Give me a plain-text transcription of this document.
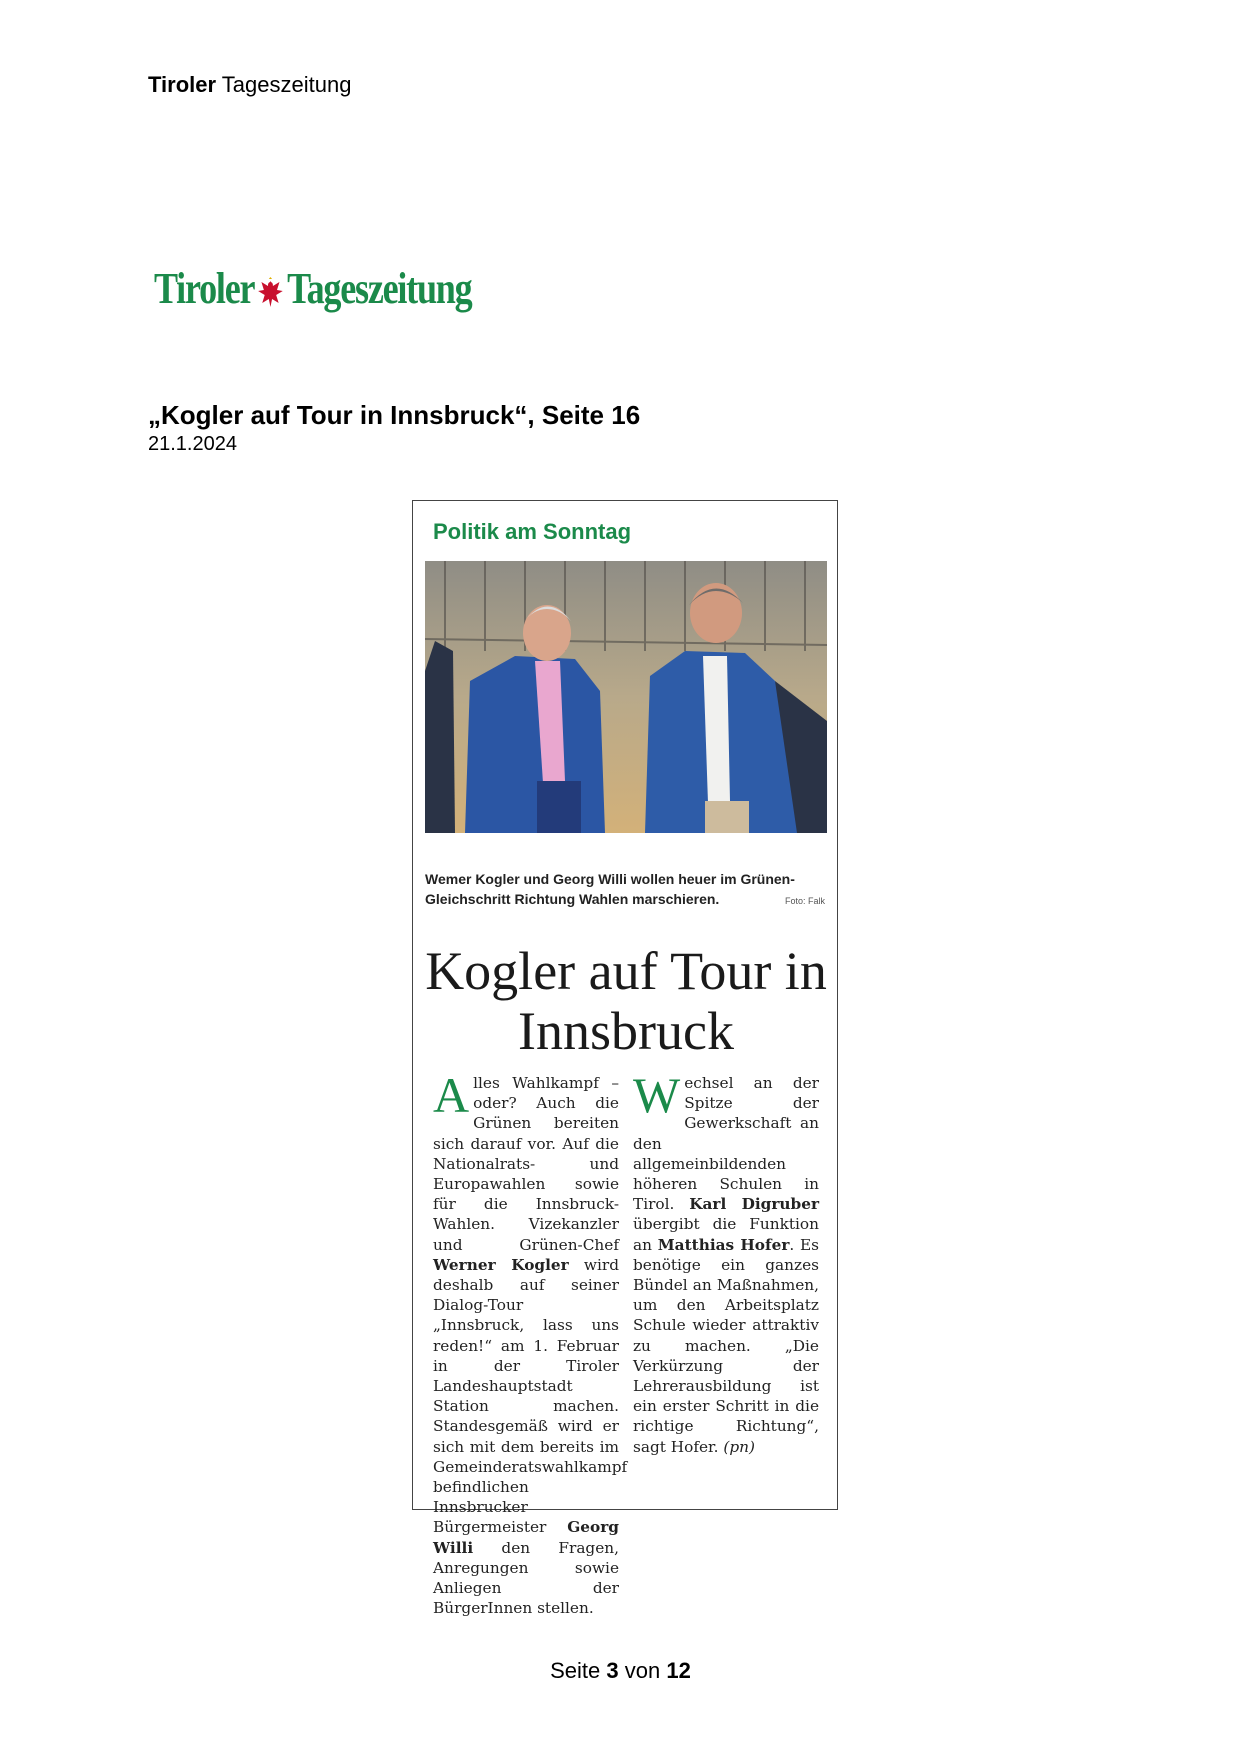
Tiroler Tageszeitung
Tiroler Tageszeitung
„Kogler auf Tour in Innsbruck“, Seite 16
21.1.2024
Politik am Sonntag
Wemer Kogler und Georg Willi wollen heuer im Grünen-Gleichschritt Richtung Wahlen marschieren.	Foto: Falk
Kogler auf Tour in Innsbruck

Alles Wahlkampf – oder? Auch die Grünen bereiten sich darauf vor. Auf die Nationalrats- und Europawahlen sowie für die Innsbruck-Wahlen. Vizekanzler und Grünen-Chef Werner Kogler wird deshalb auf seiner Dialog-Tour „Innsbruck, lass uns reden!“ am 1. Februar in der Tiroler Landeshauptstadt Station machen. Standesgemäß wird er sich mit dem bereits im Gemeinderatswahlkampf befindlichen Innsbrucker Bürgermeister Georg Willi den Fragen, Anregungen sowie Anliegen der BürgerInnen stellen.

Wechsel an der Spitze der Gewerkschaft an den allgemeinbildenden höheren Schulen in Tirol. Karl Digruber übergibt die Funktion an Matthias Hofer. Es benötige ein ganzes Bündel an Maßnahmen, um den Arbeitsplatz Schule wieder attraktiv zu machen. „Die Verkürzung der Lehrerausbildung ist ein erster Schritt in die richtige Richtung“, sagt Hofer. (pn)

Seite 3 von 12
